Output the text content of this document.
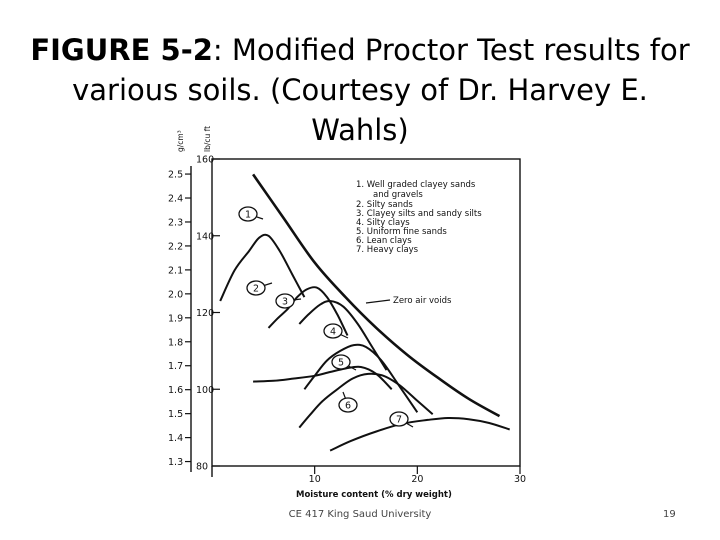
FIGURE 5-2: Modified Proctor Test results for various soils. (Courtesy of Dr. Harvey E. Wahls)
80
100
120
140
160
1.3
1.4
1.5
1.6
1.7
1.8
1.9
2.0
2.1
2.2
2.3
2.4
2.5
10	20	30
1
2
3
4
5
6
7
g/cm³ lb/cu ft
Moisture content (% dry weight)
1. Well graded clayey sands
and gravels
2. Silty sands
3. Clayey silts and sandy silts
4. Silty clays
5. Uniform fine sands
6. Lean clays
7. Heavy clays
Zero air voids
CE 417 King Saud University	19
